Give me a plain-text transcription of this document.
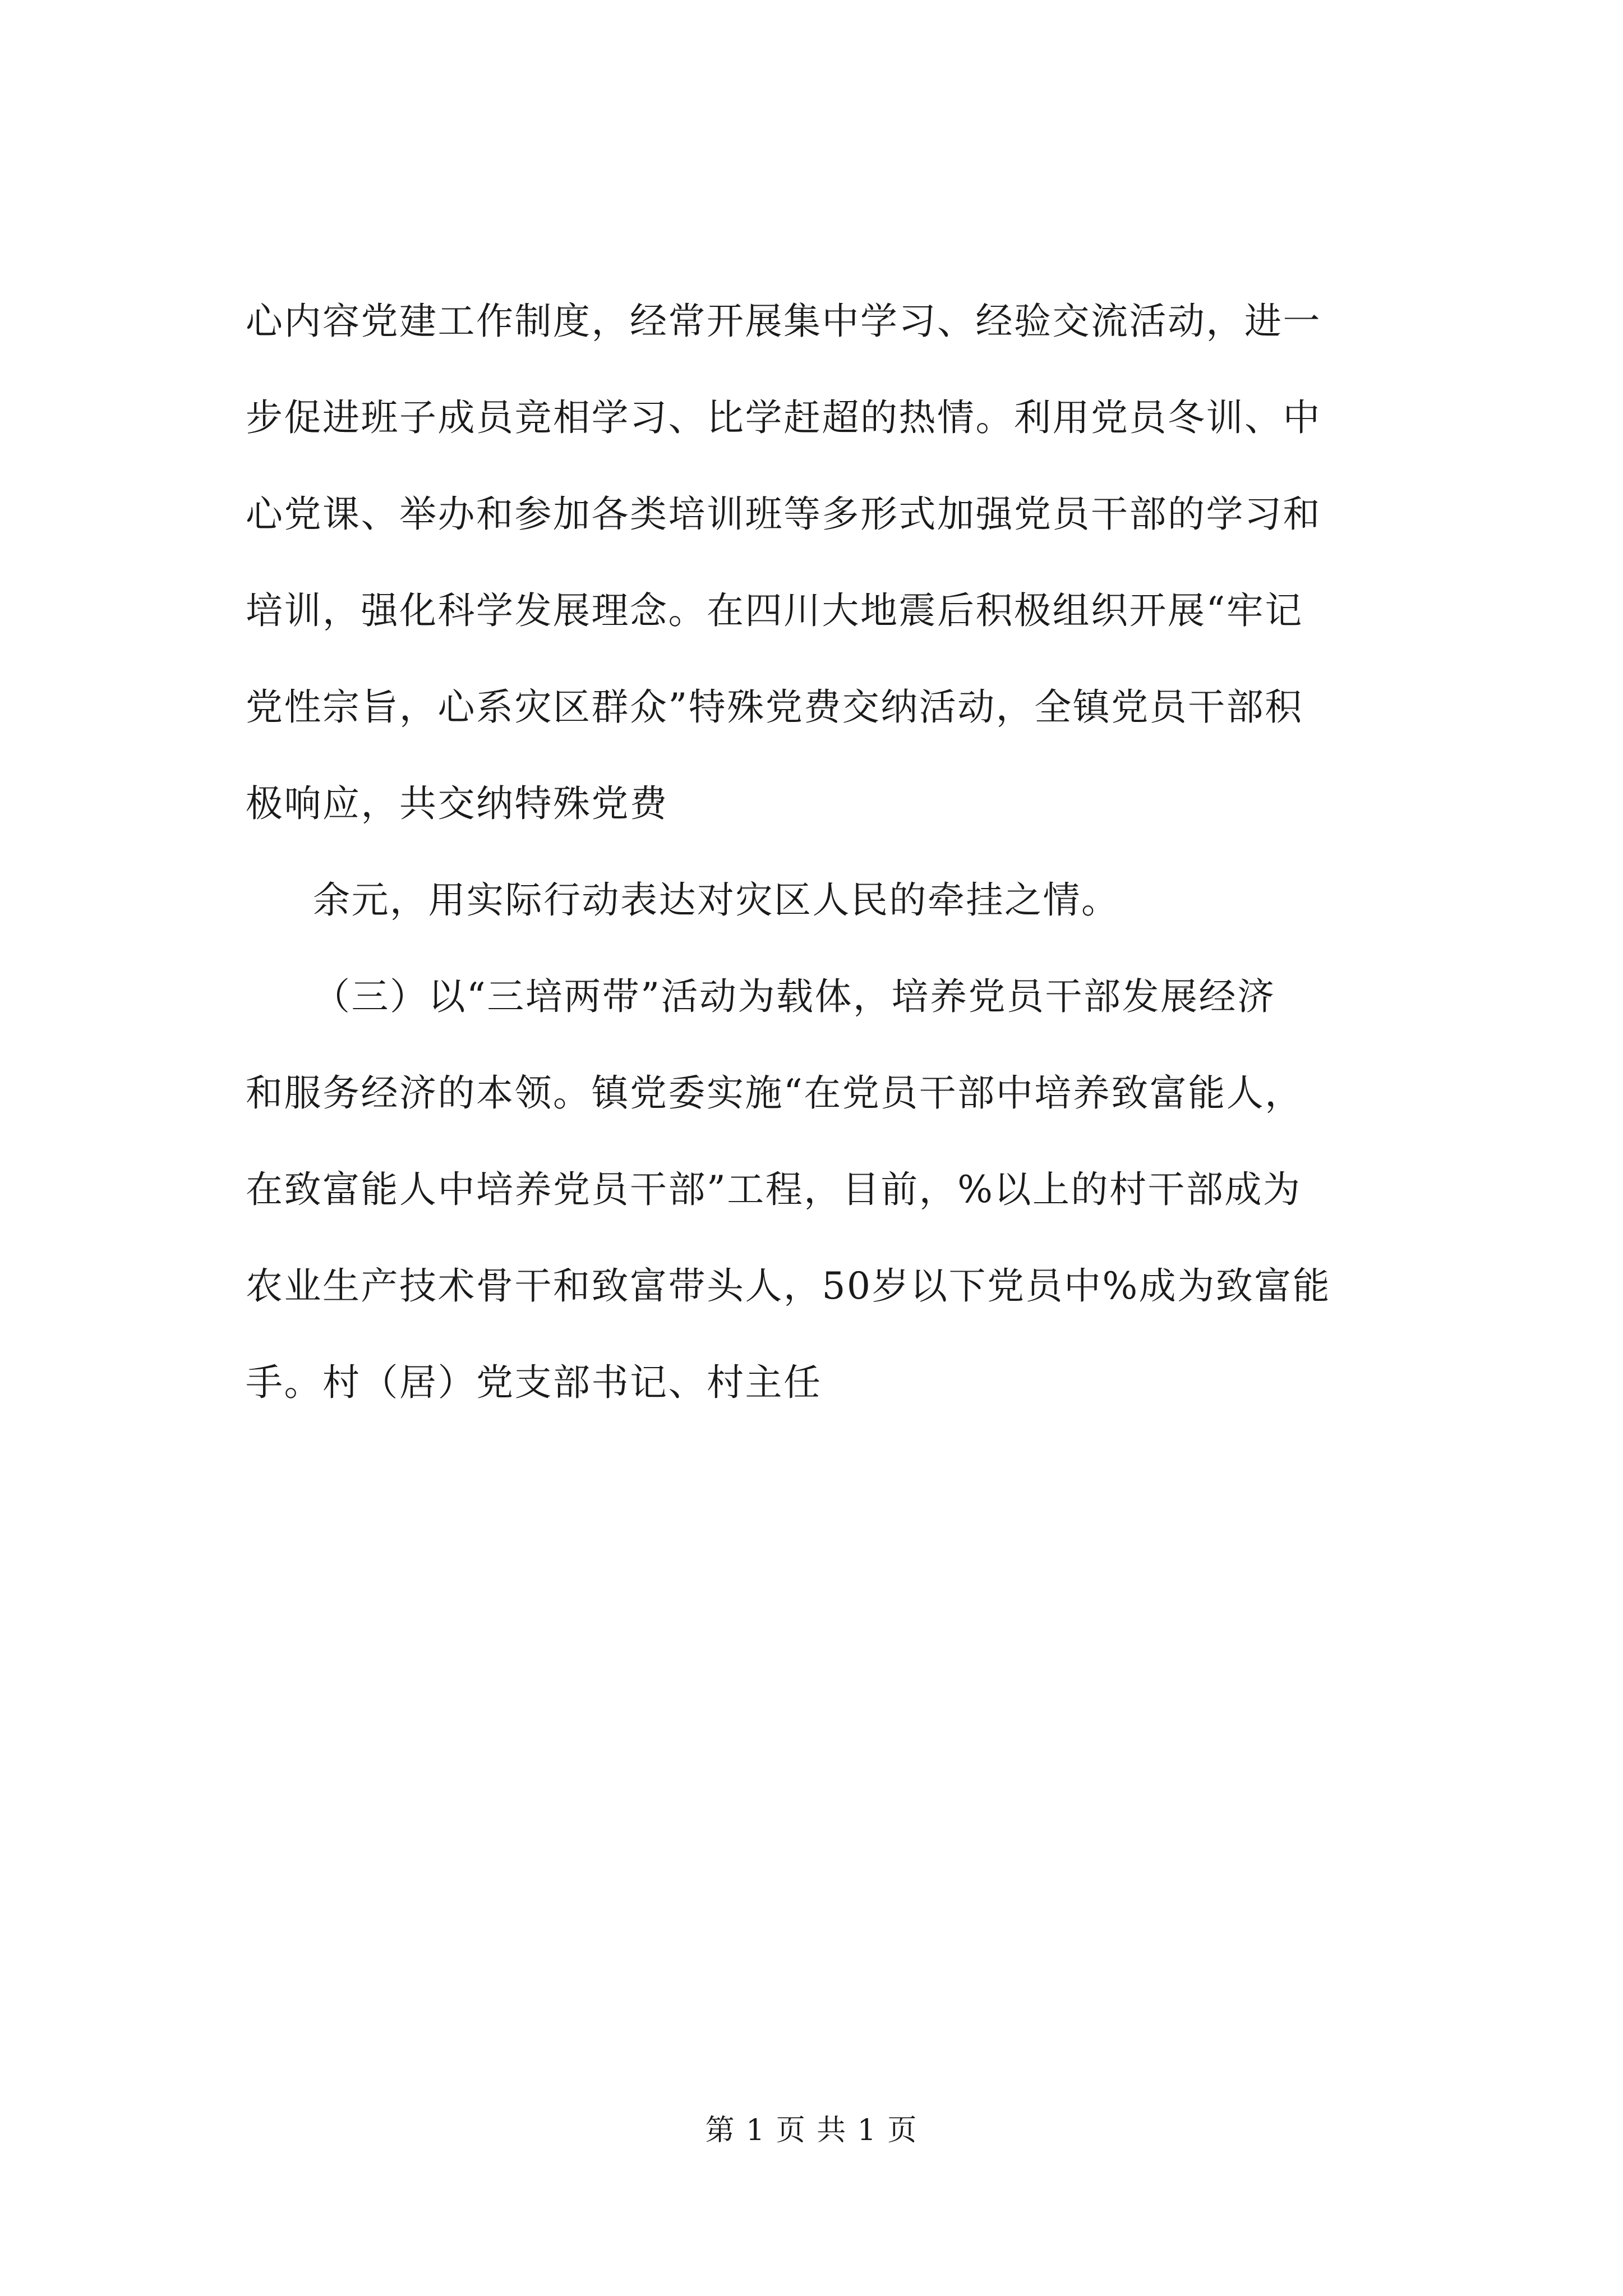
心内容党建工作制度，经常开展集中学习、经验交流活动，进一
步促进班子成员竞相学习、比学赶超的热情。利用党员冬训、中
心党课、举办和参加各类培训班等多形式加强党员干部的学习和
培训，强化科学发展理念。在四川大地震后积极组织开展“牢记
党性宗旨，心系灾区群众”特殊党费交纳活动，全镇党员干部积
极响应，共交纳特殊党费
余元，用实际行动表达对灾区人民的牵挂之情。
（三）以“三培两带”活动为载体，培养党员干部发展经济
和服务经济的本领。镇党委实施“在党员干部中培养致富能人，
在致富能人中培养党员干部”工程，目前，%以上的村干部成为
农业生产技术骨干和致富带头人，50岁以下党员中%成为致富能
手。村（居）党支部书记、村主任
第 1 页 共 1 页
